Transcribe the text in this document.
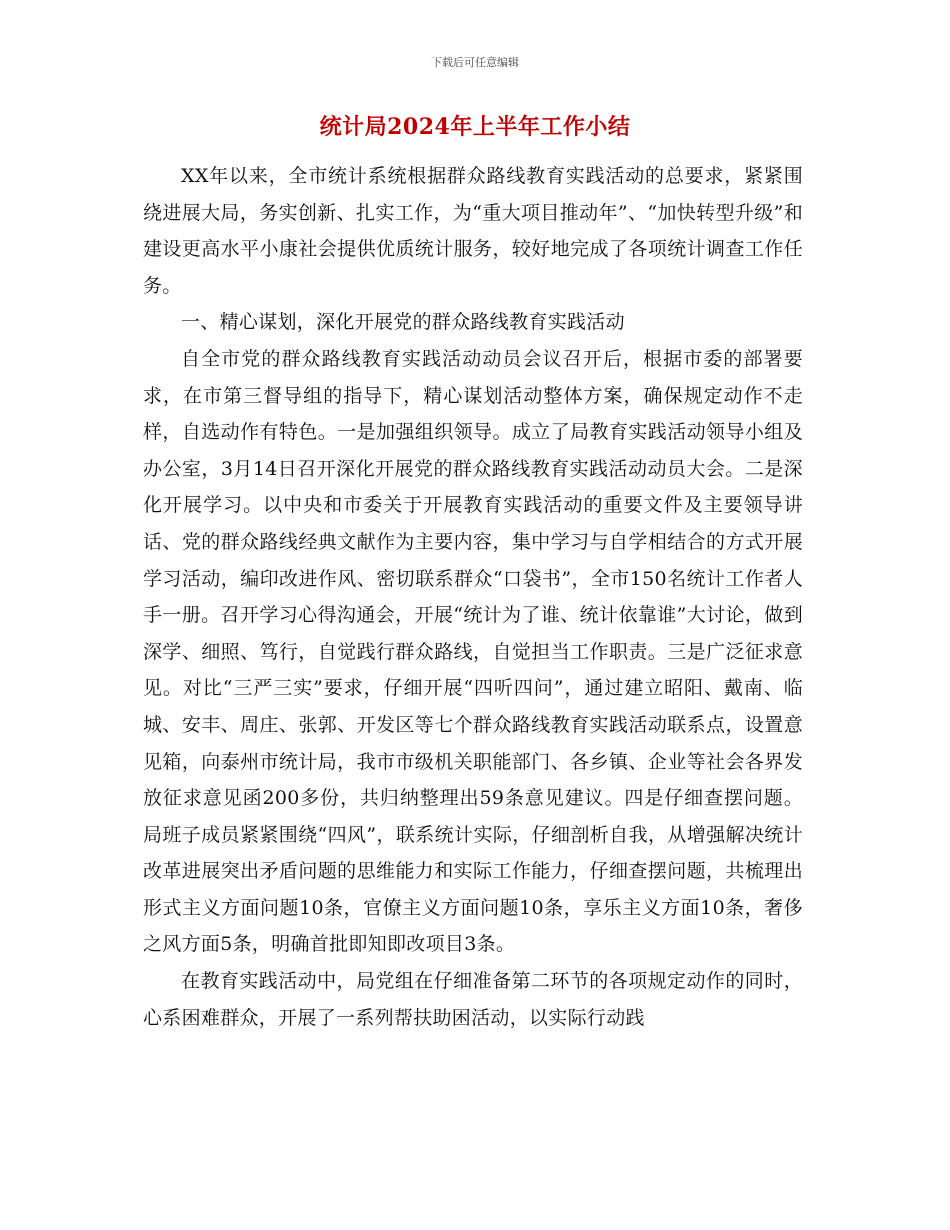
下载后可任意编辑
统计局2024年上半年工作小结

XX年以来，全市统计系统根据群众路线教育实践活动的总要求，紧紧围绕进展大局，务实创新、扎实工作，为“重大项目推动年”、“加快转型升级”和建设更高水平小康社会提供优质统计服务，较好地完成了各项统计调查工作任务。

一、精心谋划，深化开展党的群众路线教育实践活动

自全市党的群众路线教育实践活动动员会议召开后，根据市委的部署要求，在市第三督导组的指导下，精心谋划活动整体方案，确保规定动作不走样，自选动作有特色。一是加强组织领导。成立了局教育实践活动领导小组及办公室，3月14日召开深化开展党的群众路线教育实践活动动员大会。二是深化开展学习。以中央和市委关于开展教育实践活动的重要文件及主要领导讲话、党的群众路线经典文献作为主要内容，集中学习与自学相结合的方式开展学习活动，编印改进作风、密切联系群众“口袋书”，全市150名统计工作者人手一册。召开学习心得沟通会，开展“统计为了谁、统计依靠谁”大讨论，做到深学、细照、笃行，自觉践行群众路线，自觉担当工作职责。三是广泛征求意见。对比“三严三实”要求，仔细开展“四听四问”，通过建立昭阳、戴南、临城、安丰、周庄、张郭、开发区等七个群众路线教育实践活动联系点，设置意见箱，向泰州市统计局，我市市级机关职能部门、各乡镇、企业等社会各界发放征求意见函200多份，共归纳整理出59条意见建议。四是仔细查摆问题。局班子成员紧紧围绕“四风”，联系统计实际，仔细剖析自我，从增强解决统计改革进展突出矛盾问题的思维能力和实际工作能力，仔细查摆问题，共梳理出形式主义方面问题10条，官僚主义方面问题10条，享乐主义方面10条，奢侈之风方面5条，明确首批即知即改项目3条。

在教育实践活动中，局党组在仔细准备第二环节的各项规定动作的同时，心系困难群众，开展了一系列帮扶助困活动，以实际行动践
